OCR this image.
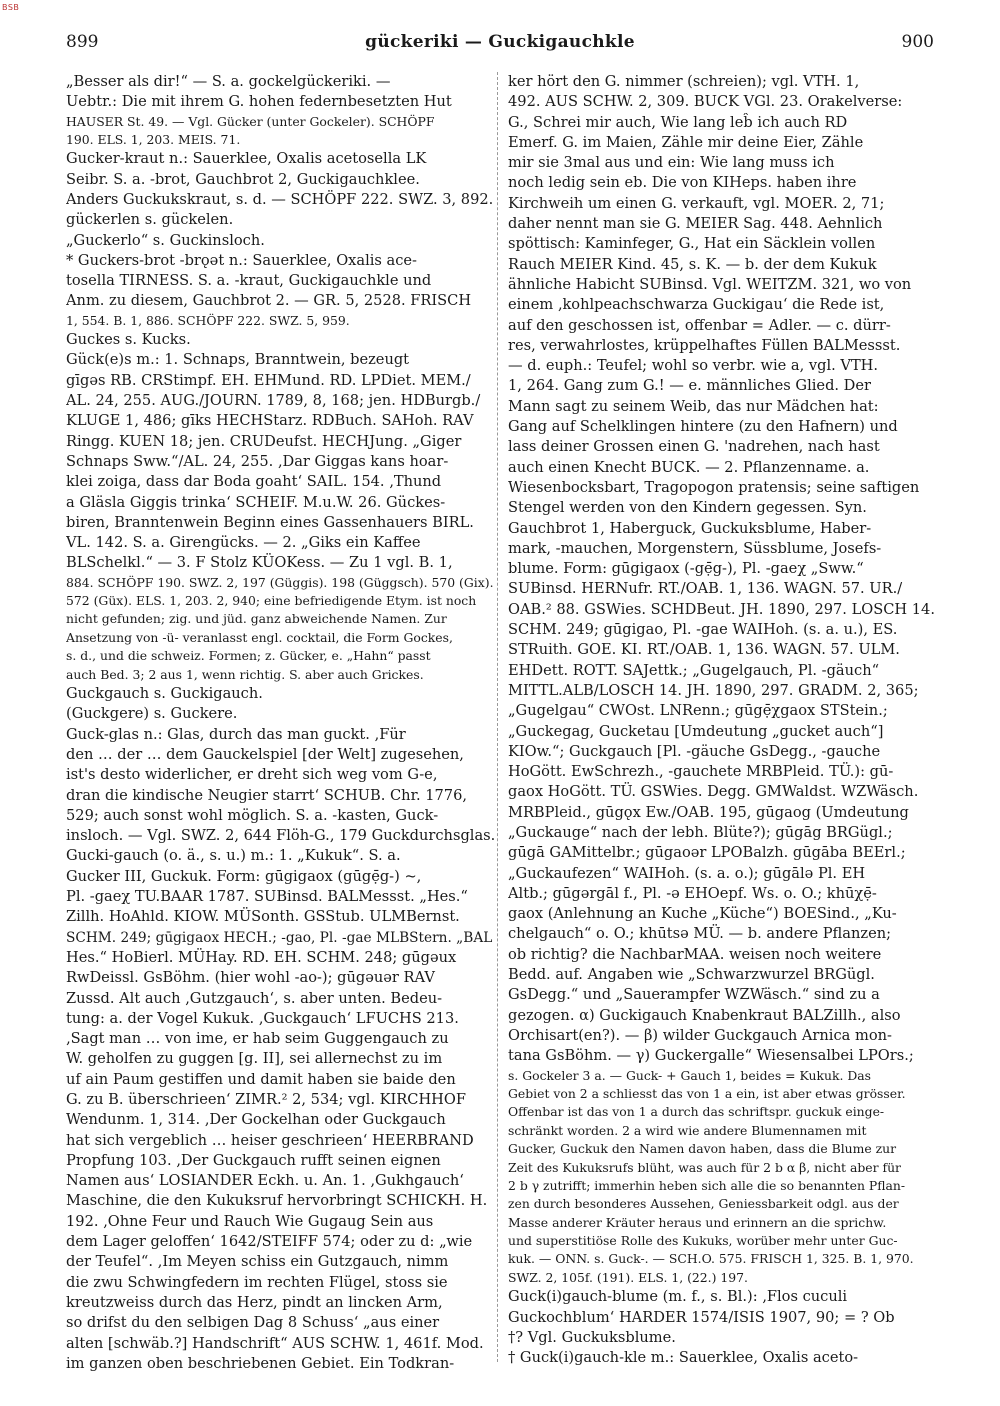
BSB
899	gückeriki — Guckigauchkle	900
„Besser als dir!“ — S. a. gockelgückeriki. —
Uebtr.: Die mit ihrem G. hohen federnbesetzten Hut
HAUSER St. 49. — Vgl. Gücker (unter Gockeler). SCHÖPF
190. ELS. 1, 203. MEIS. 71.
Gucker-kraut n.: Sauerklee, Oxalis acetosella LK
Seibr. S. a. -brot, Gauchbrot 2, Guckigauchklee.
Anders Guckukskraut, s. d. — SCHÖPF 222. SWZ. 3, 892.
gückerlen s. gückelen.
„Guckerlo“ s. Guckinsloch.
* Guckers-brot -brǫət n.: Sauerklee, Oxalis ace-
tosella TIRNESS. S. a. -kraut, Guckigauchkle und
Anm. zu diesem, Gauchbrot 2. — GR. 5, 2528. FRISCH
1, 554. B. 1, 886. SCHÖPF 222. SWZ. 5, 959.
Guckes s. Kucks.
Gück(e)s m.: 1. Schnaps, Branntwein, bezeugt
gīgəs RB. CRStimpf. EH. EHMund. RD. LPDiet. MEM./
AL. 24, 255. AUG./JOURN. 1789, 8, 168; jen. HDBurgb./
KLUGE 1, 486; gīks HECHStarz. RDBuch. SAHoh. RAV
Ringg. KUEN 18; jen. CRUDeufst. HECHJung. „Giger
Schnaps Sww.“/AL. 24, 255. ‚Dar Giggas kans hoar-
klei zoiga, dass dar Boda goaht‘ SAIL. 154. ‚Thund
a Gläsla Giggis trinka‘ SCHEIF. M.u.W. 26. Gückes-
biren, Branntenwein Beginn eines Gassenhauers BIRL.
VL. 142. S. a. Girengücks. — 2. „Giks ein Kaffee
BLSchelkl.“ — 3. F Stolz KÜOKess. — Zu 1 vgl. B. 1,
884. SCHÖPF 190. SWZ. 2, 197 (Güggis). 198 (Güggsch). 570 (Gix).
572 (Güx). ELS. 1, 203. 2, 940; eine befriedigende Etym. ist noch
nicht gefunden; zig. und jüd. ganz abweichende Namen. Zur
Ansetzung von -ü- veranlasst engl. cocktail, die Form Gockes,
s. d., und die schweiz. Formen; z. Gücker, e. „Hahn“ passt
auch Bed. 3; 2 aus 1, wenn richtig. S. aber auch Grickes.
Guckgauch s. Guckigauch.
(Guckgere) s. Guckere.
Guck-glas n.: Glas, durch das man guckt. ‚Für
den … der … dem Gauckelspiel [der Welt] zugesehen,
ist's desto widerlicher, er dreht sich weg vom G-e,
dran die kindische Neugier starrt‘ SCHUB. Chr. 1776,
529; auch sonst wohl möglich. S. a. -kasten, Guck-
insloch. — Vgl. SWZ. 2, 644 Flöh-G., 179 Guckdurchsglas.
Gucki-gauch (o. ä., s. u.) m.: 1. „Kukuk“. S. a.
Gucker III, Guckuk. Form: gūgigaox (gūgẹ̄g-) ~,
Pl. -gaeχ TU.BAAR 1787. SUBinsd. BALMessst. „Hes.“
Zillh. HoAhld. KIOW. MÜSonth. GSStub. ULMBernst.
SCHM. 249; gūgigaox HECH.; -gao, Pl. -gae MLBStern. „BAL
Hes.“ HoBierl. MÜHay. RD. EH. SCHM. 248; gūgəux
RwDeissl. GsBöhm. (hier wohl -ao-); gūgəuər RAV
Zussd. Alt auch ‚Gutzgauch‘, s. aber unten. Bedeu-
tung: a. der Vogel Kukuk. ‚Guckgauch‘ LFUCHS 213.
‚Sagt man … von ime, er hab seim Guggengauch zu
W. geholfen zu guggen [g. II], sei allernechst zu im
uf ain Paum gestiffen und damit haben sie baide den
G. zu B. überschrieen‘ ZIMR.² 2, 534; vgl. KIRCHHOF
Wendunm. 1, 314. ‚Der Gockelhan oder Guckgauch
hat sich vergeblich … heiser geschrieen‘ HEERBRAND
Propfung 103. ‚Der Guckgauch rufft seinen eignen
Namen aus‘ LOSIANDER Eckh. u. An. 1. ‚Gukhgauch‘
Maschine, die den Kukuksruf hervorbringt SCHICKH. H.
192. ‚Ohne Feur und Rauch Wie Gugaug Sein aus
dem Lager geloffen‘ 1642/STEIFF 574; oder zu d: „wie
der Teufel“. ‚Im Meyen schiss ein Gutzgauch, nimm
die zwu Schwingfedern im rechten Flügel, stoss sie
kreutzweiss durch das Herz, pindt an lincken Arm,
so drifst du den selbigen Dag 8 Schuss‘ „aus einer
alten [schwäb.?] Handschrift“ AUS SCHW. 1, 461f. Mod.
im ganzen oben beschriebenen Gebiet. Ein Todkran-
ker hört den G. nimmer (schreien); vgl. VTH. 1,
492. AUS SCHW. 2, 309. BUCK VGl. 23. Orakelverse:
G., Schrei mir auch, Wie lang leb̂ ich auch RD
Emerf. G. im Maien, Zähle mir deine Eier, Zähle
mir sie 3mal aus und ein: Wie lang muss ich
noch ledig sein eb. Die von KIHeps. haben ihre
Kirchweih um einen G. verkauft, vgl. MOER. 2, 71;
daher nennt man sie G. MEIER Sag. 448. Aehnlich
spöttisch: Kaminfeger, G., Hat ein Säcklein vollen
Rauch MEIER Kind. 45, s. K. — b. der dem Kukuk
ähnliche Habicht SUBinsd. Vgl. WEITZM. 321, wo von
einem ‚kohlpeachschwarza Guckigau‘ die Rede ist,
auf den geschossen ist, offenbar = Adler. — c. dürr-
res, verwahrlostes, krüppelhaftes Füllen BALMessst.
— d. euph.: Teufel; wohl so verbr. wie a, vgl. VTH.
1, 264. Gang zum G.! — e. männliches Glied. Der
Mann sagt zu seinem Weib, das nur Mädchen hat:
Gang auf Schelklingen hintere (zu den Hafnern) und
lass deiner Grossen einen G. 'nadrehen, nach hast
auch einen Knecht BUCK. — 2. Pflanzenname. a.
Wiesenbocksbart, Tragopogon pratensis; seine saftigen
Stengel werden von den Kindern gegessen. Syn.
Gauchbrot 1, Haberguck, Guckuksblume, Haber-
mark, -mauchen, Morgenstern, Süssblume, Josefs-
blume. Form: gūgigaox (-gẹ̄g-), Pl. -gaeχ „Sww.“
SUBinsd. HERNufr. RT./OAB. 1, 136. WAGN. 57. UR./
OAB.² 88. GSWies. SCHDBeut. JH. 1890, 297. LOSCH 14.
SCHM. 249; gūgigao, Pl. -gae WAIHoh. (s. a. u.), ES.
STRuith. GOE. KI. RT./OAB. 1, 136. WAGN. 57. ULM.
EHDett. ROTT. SAJettk.; „Gugelgauch, Pl. -gäuch“
MITTL.ALB/LOSCH 14. JH. 1890, 297. GRADM. 2, 365;
„Gugelgau“ CWOst. LNRenn.; gūgẹ̄χgaox STStein.;
„Guckegag, Gucketau [Umdeutung „gucket auch“]
KIOw.“; Guckgauch [Pl. -gäuche GsDegg., -gauche
HoGött. EwSchrezh., -gauchete MRBPleid. TÜ.): gū-
gaox HoGött. TÜ. GSWies. Degg. GMWaldst. WZWäsch.
MRBPleid., gūgǫx Ew./OAB. 195, gūgaog (Umdeutung
„Guckauge“ nach der lebh. Blüte?); gūgāg BRGügl.;
gūgā GAMittelbr.; gūgaoər LPOBalzh. gūgāba BEErl.;
„Guckaufezen“ WAIHoh. (s. a. o.); gūgālə Pl. EH
Altb.; gūgərgāl f., Pl. -ə EHOepf. Ws. o. O.; khūχẹ̄-
gaox (Anlehnung an Kuche „Küche“) BOESind., „Ku-
chelgauch“ o. O.; khūtsə MÜ. — b. andere Pflanzen;
ob richtig? die NachbarMAA. weisen noch weitere
Bedd. auf. Angaben wie „Schwarzwurzel BRGügl.
GsDegg.“ und „Sauerampfer WZWäsch.“ sind zu a
gezogen. α) Guckigauch Knabenkraut BALZillh., also
Orchisart(en?). — β) wilder Guckgauch Arnica mon-
tana GsBöhm. — γ) Guckergalle“ Wiesensalbei LPOrs.;
s. Gockeler 3 a. — Guck- + Gauch 1, beides = Kukuk. Das
Gebiet von 2 a schliesst das von 1 a ein, ist aber etwas grösser.
Offenbar ist das von 1 a durch das schriftspr. guckuk einge-
schränkt worden. 2 a wird wie andere Blumennamen mit
Gucker, Guckuk den Namen davon haben, dass die Blume zur
Zeit des Kukuksrufs blüht, was auch für 2 b α β, nicht aber für
2 b γ zutrifft; immerhin heben sich alle die so benannten Pflan-
zen durch besonderes Aussehen, Geniessbarkeit odgl. aus der
Masse anderer Kräuter heraus und erinnern an die sprichw.
und superstitiöse Rolle des Kukuks, worüber mehr unter Guc-
kuk. — ONN. s. Guck-. — SCH.O. 575. FRISCH 1, 325. B. 1, 970.
SWZ. 2, 105f. (191). ELS. 1, (22.) 197.
Guck(i)gauch-blume (m. f., s. Bl.): ‚Flos cuculi
Guckochblum‘ HARDER 1574/ISIS 1907, 90; = ? Ob
†? Vgl. Guckuksblume.
† Guck(i)gauch-kle m.: Sauerklee, Oxalis aceto-
